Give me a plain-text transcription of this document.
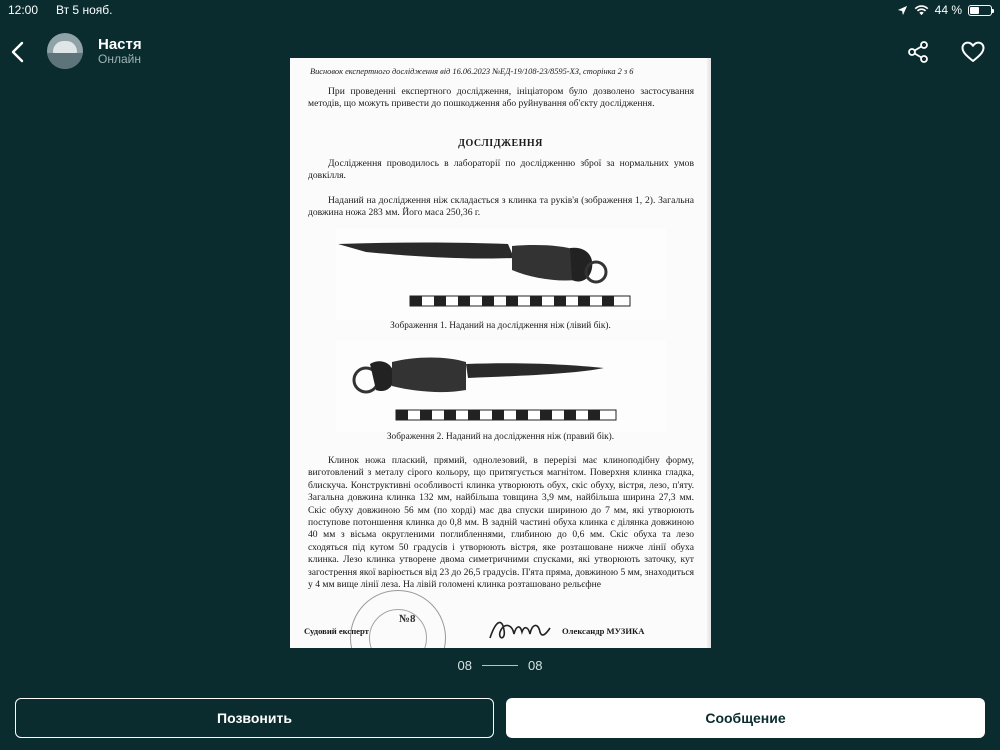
12:00 Вт 5 нояб.	44 %
Настя
Онлайн
Висновок експертного дослідження від 16.06.2023 №ЕД-19/108-23/8595-ХЗ, сторінка 2 з 6
При проведенні експертного дослідження, ініціатором було дозволено застосування методів, що можуть привести до пошкодження або руйнування об'єкту дослідження.
ДОСЛІДЖЕННЯ
Дослідження проводилось в лабораторії по дослідженню зброї за нормальних умов довкілля.
Наданий на дослідження ніж складається з клинка та руків'я (зображення 1, 2). Загальна довжина ножа 283 мм. Його маса 250,36 г.
Зображення 1. Наданий на дослідження ніж (лівий бік).
Зображення 2. Наданий на дослідження ніж (правий бік).
Клинок ножа плаский, прямий, однолезовий, в перерізі має клиноподібну форму, виготовлений з металу сірого кольору, що притягується магнітом. Поверхня клинка гладка, блискуча. Конструктивні особливості клинка утворюють обух, скіс обуху, вістря, лезо, п'яту. Загальна довжина клинка 132 мм, найбільша товщина 3,9 мм, найбільша ширина 27,3 мм. Скіс обуху довжиною 56 мм (по хорді) має два спуски шириною до 7 мм, які утворюють поступове потоншення клинка до 0,8 мм. В задній частині обуха клинка є ділянка довжиною 40 мм з вісьма округленими поглибленнями, глибиною до 0,6 мм. Скіс обуха та лезо сходяться під кутом 50 градусів і утворюють вістря, яке розташоване нижче лінії обуха клинка. Лезо клинка утворене двома симетричними спусками, які утворюють заточку, кут загострення якої варіюється від 23 до 26,5 градусів. П'ята пряма, довжиною 5 мм, знаходиться у 4 мм вище лінії леза. На лівій голомені клинка розташовано рельєфне
№8
Судовий експерт	Олександр МУЗИКА
08	08
Позвонить	Сообщение
